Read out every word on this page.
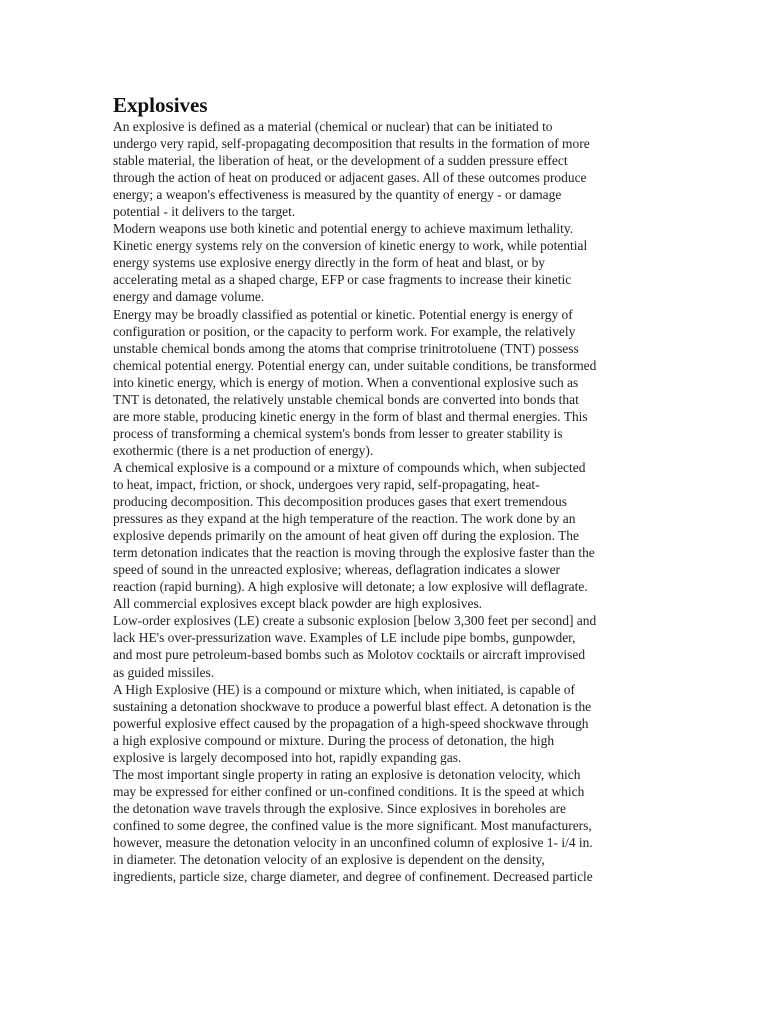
Explosives

An explosive is defined as a material (chemical or nuclear) that can be initiated to
undergo very rapid, self-propagating decomposition that results in the formation of more
stable material, the liberation of heat, or the development of a sudden pressure effect
through the action of heat on produced or adjacent gases. All of these outcomes produce
energy; a weapon's effectiveness is measured by the quantity of energy - or damage
potential - it delivers to the target.

Modern weapons use both kinetic and potential energy to achieve maximum lethality.
Kinetic energy systems rely on the conversion of kinetic energy to work, while potential
energy systems use explosive energy directly in the form of heat and blast, or by
accelerating metal as a shaped charge, EFP or case fragments to increase their kinetic
energy and damage volume.

Energy may be broadly classified as potential or kinetic. Potential energy is energy of
configuration or position, or the capacity to perform work. For example, the relatively
unstable chemical bonds among the atoms that comprise trinitrotoluene (TNT) possess
chemical potential energy. Potential energy can, under suitable conditions, be transformed
into kinetic energy, which is energy of motion. When a conventional explosive such as
TNT is detonated, the relatively unstable chemical bonds are converted into bonds that
are more stable, producing kinetic energy in the form of blast and thermal energies. This
process of transforming a chemical system's bonds from lesser to greater stability is
exothermic (there is a net production of energy).

A chemical explosive is a compound or a mixture of compounds which, when subjected
to heat, impact, friction, or shock, undergoes very rapid, self-propagating, heat-
producing decomposition. This decomposition produces gases that exert tremendous
pressures as they expand at the high temperature of the reaction. The work done by an
explosive depends primarily on the amount of heat given off during the explosion. The
term detonation indicates that the reaction is moving through the explosive faster than the
speed of sound in the unreacted explosive; whereas, deflagration indicates a slower
reaction (rapid burning). A high explosive will detonate; a low explosive will deflagrate.
All commercial explosives except black powder are high explosives.

Low-order explosives (LE) create a subsonic explosion [below 3,300 feet per second] and
lack HE's over-pressurization wave. Examples of LE include pipe bombs, gunpowder,
and most pure petroleum-based bombs such as Molotov cocktails or aircraft improvised
as guided missiles.

A High Explosive (HE) is a compound or mixture which, when initiated, is capable of
sustaining a detonation shockwave to produce a powerful blast effect. A detonation is the
powerful explosive effect caused by the propagation of a high-speed shockwave through
a high explosive compound or mixture. During the process of detonation, the high
explosive is largely decomposed into hot, rapidly expanding gas.

The most important single property in rating an explosive is detonation velocity, which
may be expressed for either confined or un-confined conditions. It is the speed at which
the detonation wave travels through the explosive. Since explosives in boreholes are
confined to some degree, the confined value is the more significant. Most manufacturers,
however, measure the detonation velocity in an unconfined column of explosive 1- i/4 in.
in diameter. The detonation velocity of an explosive is dependent on the density,
ingredients, particle size, charge diameter, and degree of confinement. Decreased particle
